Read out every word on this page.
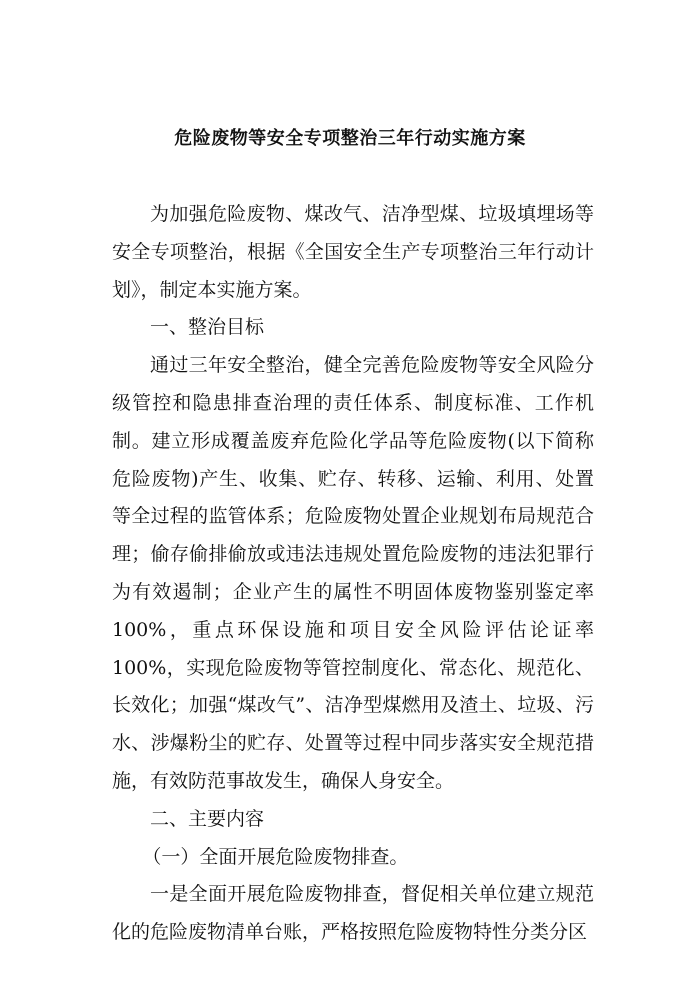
危险废物等安全专项整治三年行动实施方案

为加强危险废物、煤改气、洁净型煤、垃圾填埋场等安全专项整治，根据《全国安全生产专项整治三年行动计划》，制定本实施方案。

一、整治目标

通过三年安全整治，健全完善危险废物等安全风险分级管控和隐患排查治理的责任体系、制度标准、工作机制。建立形成覆盖废弃危险化学品等危险废物(以下简称危险废物)产生、收集、贮存、转移、运输、利用、处置等全过程的监管体系；危险废物处置企业规划布局规范合理；偷存偷排偷放或违法违规处置危险废物的违法犯罪行为有效遏制；企业产生的属性不明固体废物鉴别鉴定率 100%，重点环保设施和项目安全风险评估论证率 100%，实现危险废物等管控制度化、常态化、规范化、长效化；加强“煤改气”、洁净型煤燃用及渣土、垃圾、污水、涉爆粉尘的贮存、处置等过程中同步落实安全规范措施，有效防范事故发生，确保人身安全。

二、主要内容

（一）全面开展危险废物排查。

一是全面开展危险废物排查，督促相关单位建立规范化的危险废物清单台账，严格按照危险废物特性分类分区
